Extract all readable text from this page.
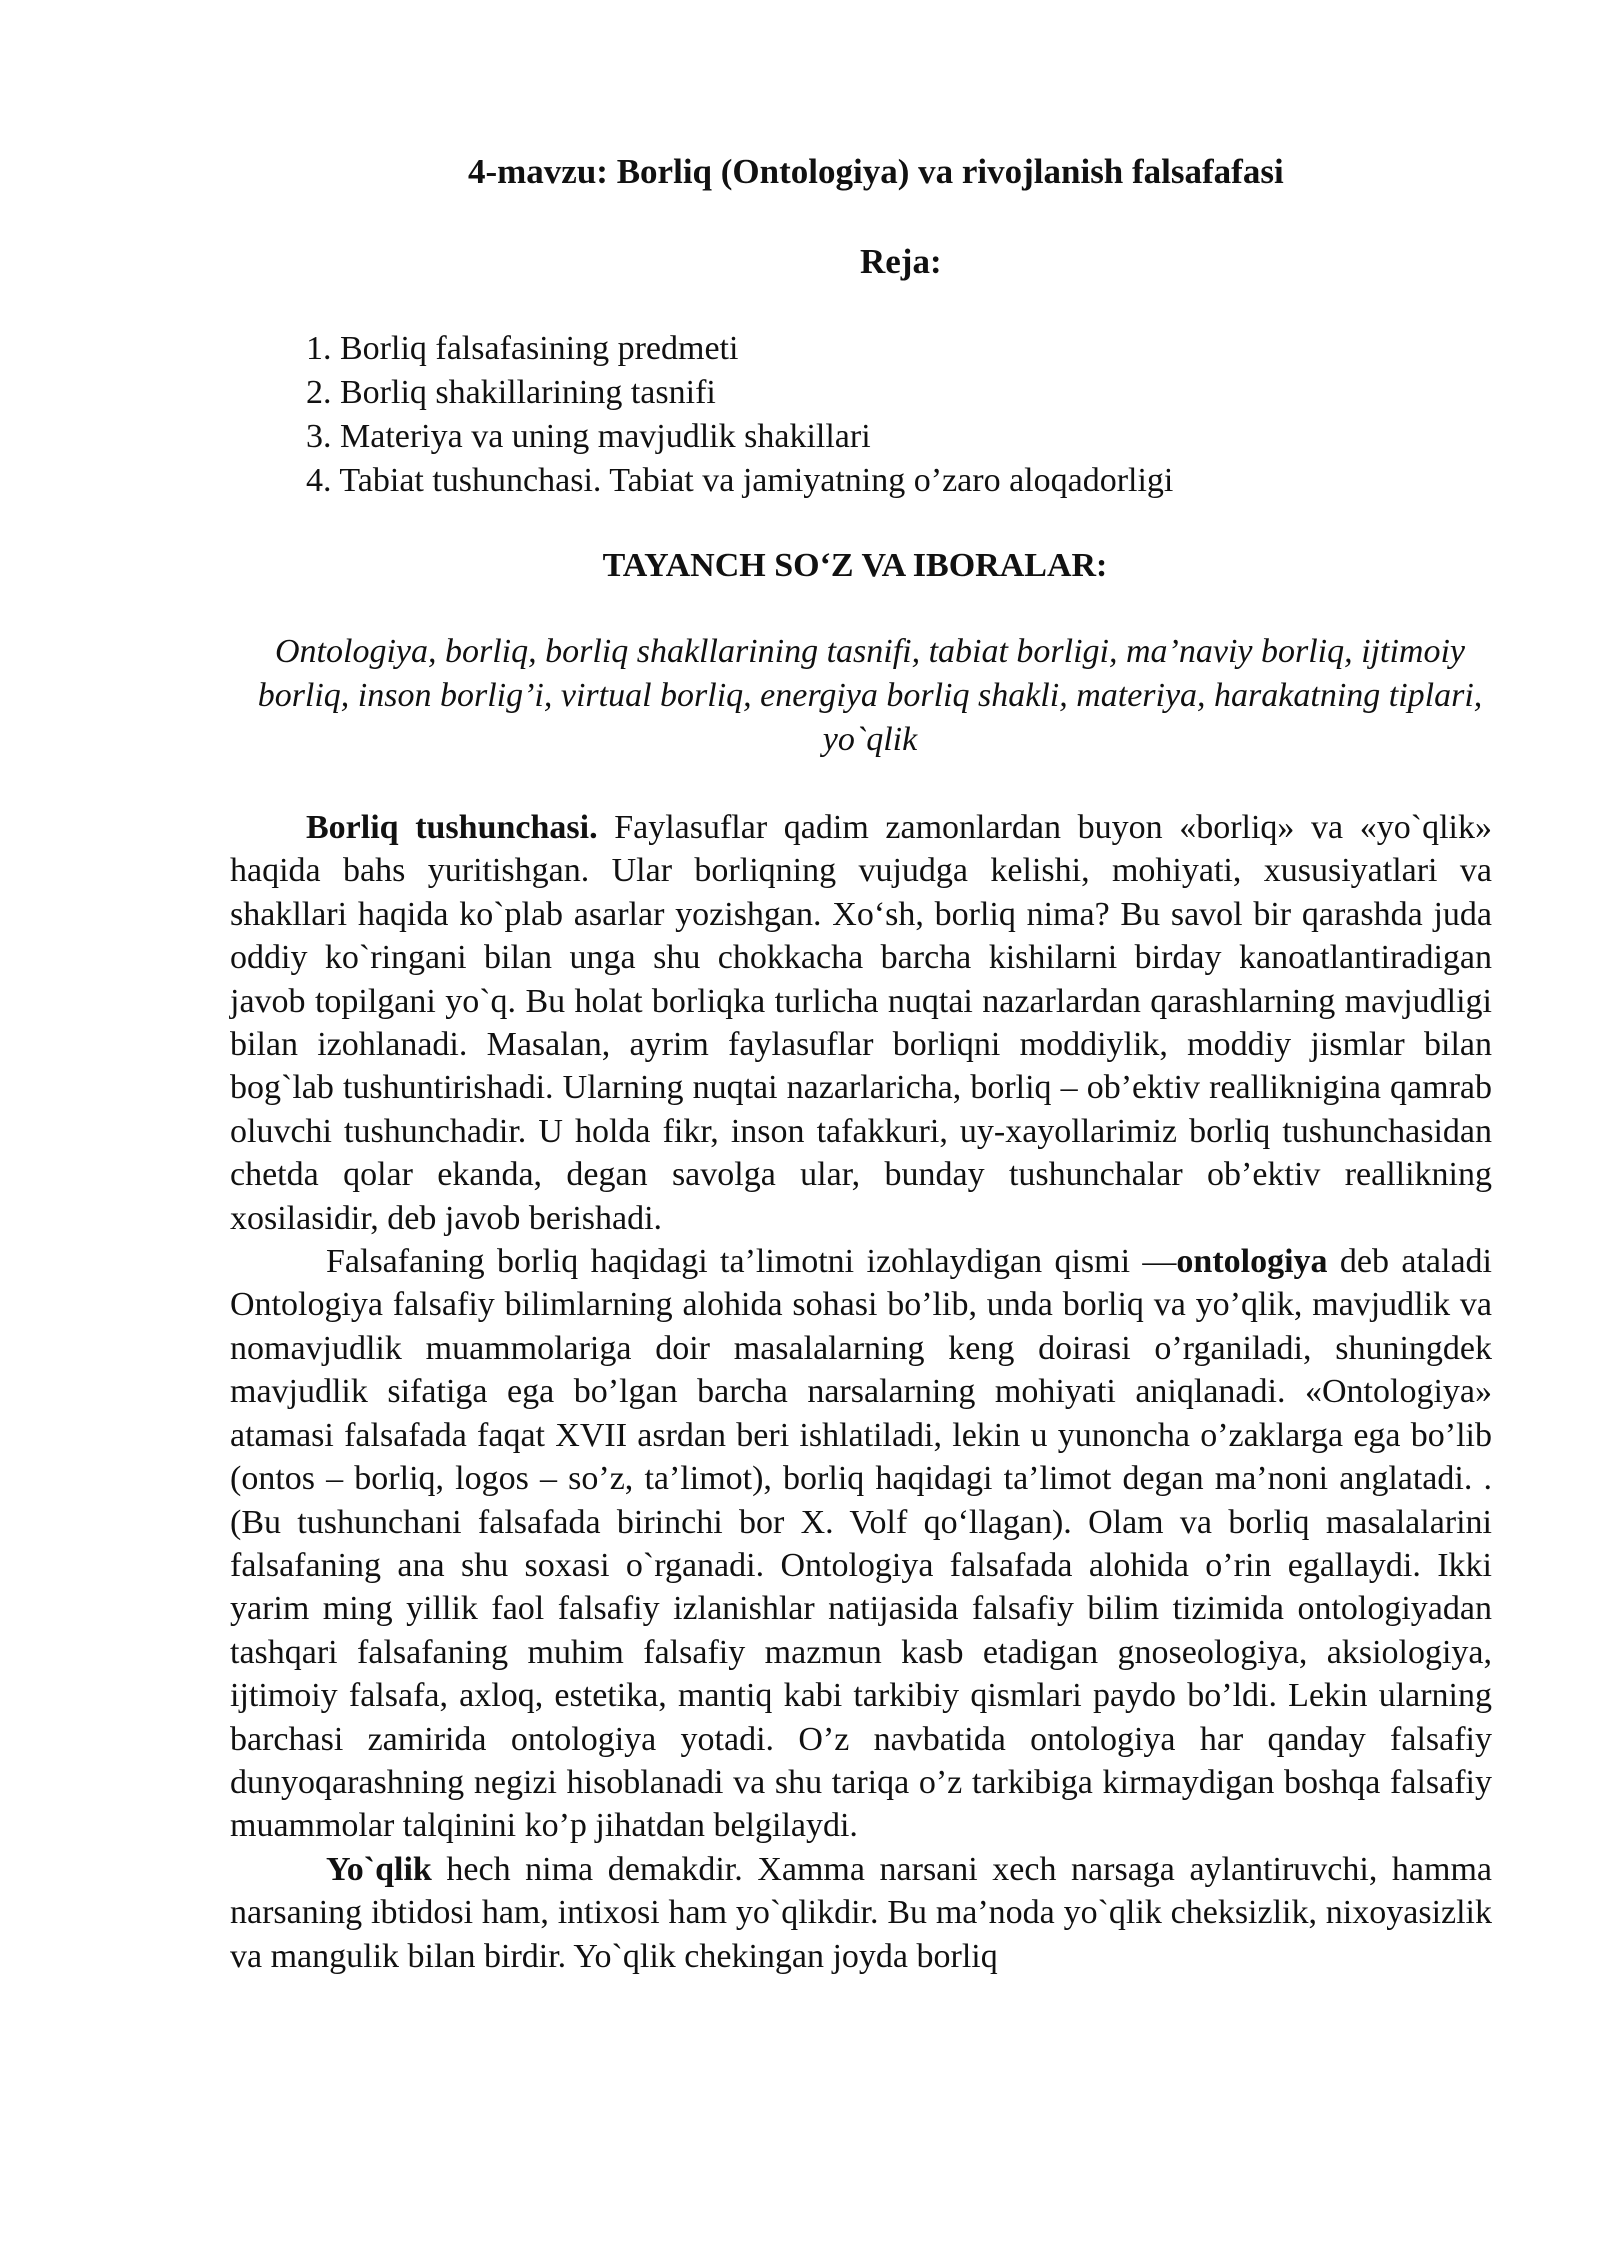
4-mavzu: Borliq (Ontologiya) va rivojlanish falsafafasi
Reja:
1. Borliq falsafasining predmeti
2. Borliq shakillarining tasnifi
3. Materiya va uning mavjudlik shakillari
4. Tabiat tushunchasi. Tabiat va jamiyatning o’zaro aloqadorligi
TAYANCH SO‘Z VA IBORALAR:

Ontologiya, borliq, borliq shakllarining tasnifi, tabiat borligi, ma’naviy borliq, ijtimoiy borliq, inson borlig’i, virtual borliq, energiya borliq shakli, materiya, harakatning tiplari, yo`qlik

Borliq tushunchasi. Faylasuflar qadim zamonlardan buyon «borliq» va «yo`qlik» haqida bahs yuritishgan. Ular borliqning vujudga kelishi, mohiyati, xususiyatlari va shakllari haqida ko`plab asarlar yozishgan. Xo‘sh, borliq nima? Bu savol bir qarashda juda oddiy ko`ringani bilan unga shu chokkacha barcha kishilarni birday kanoatlantiradigan javob topilgani yo`q. Bu holat borliqka turlicha nuqtai nazarlardan qarashlarning mavjudligi bilan izohlanadi. Masalan, ayrim faylasuflar borliqni moddiylik, moddiy jismlar bilan bog`lab tushuntirishadi. Ularning nuqtai nazarlaricha, borliq – ob’ektiv reallikniginа qamrab oluvchi tushunchadir. U holda fikr, inson tafakkuri, uy-xayollarimiz borliq tushunchasidan chetda qolar ekanda, degan savolga ular, bunday tushunchalar ob’ektiv reallikning xosilasidir, deb javob berishadi.

Falsafaning borliq haqidagi ta’limotni izohlaydigan qismi —ontologiya deb ataladi Ontologiya falsafiy bilimlarning alohida sohasi bo’lib, unda borliq va yo’qlik, mavjudlik va nomavjudlik muammolariga doir masalalarning keng doirasi o’rganiladi, shuningdek mavjudlik sifatiga ega bo’lgan barcha narsalarning mohiyati aniqlanadi. «Ontologiya» atamasi falsafada faqat XVII asrdan beri ishlatiladi, lekin u yunoncha o’zaklarga ega bo’lib (ontos – borliq, logos – so’z, ta’limot), borliq haqidagi ta’limot degan ma’noni anglatadi. . (Bu tushunchani falsafada birinchi bor X. Volf qo‘llagan). Olam va borliq masalalarini falsafaning ana shu soxasi o`rganadi. Ontologiya falsafada alohida o’rin egallaydi. Ikki yarim ming yillik faol falsafiy izlanishlar natijasida falsafiy bilim tizimida ontologiyadan tashqari falsafaning muhim falsafiy mazmun kasb etadigan gnoseologiya, aksiologiya, ijtimoiy falsafa, axloq, estetika, mantiq kabi tarkibiy qismlari paydo bo’ldi. Lekin ularning barchasi zamirida ontologiya yotadi. O’z navbatida ontologiya har qanday falsafiy dunyoqarashning negizi hisoblanadi va shu tariqa o’z tarkibiga kirmaydigan boshqa falsafiy muammolar talqinini ko’p jihatdan belgilaydi.

Yo`qlik hech nima demakdir. Xamma narsani xech narsaga aylantiruvchi, hamma narsaning ibtidosi ham, intixosi ham yo`qlikdir. Bu ma’noda yo`qlik cheksizlik, nixoyasizlik va mangulik bilan birdir. Yo`qlik chekingan joyda borliq
